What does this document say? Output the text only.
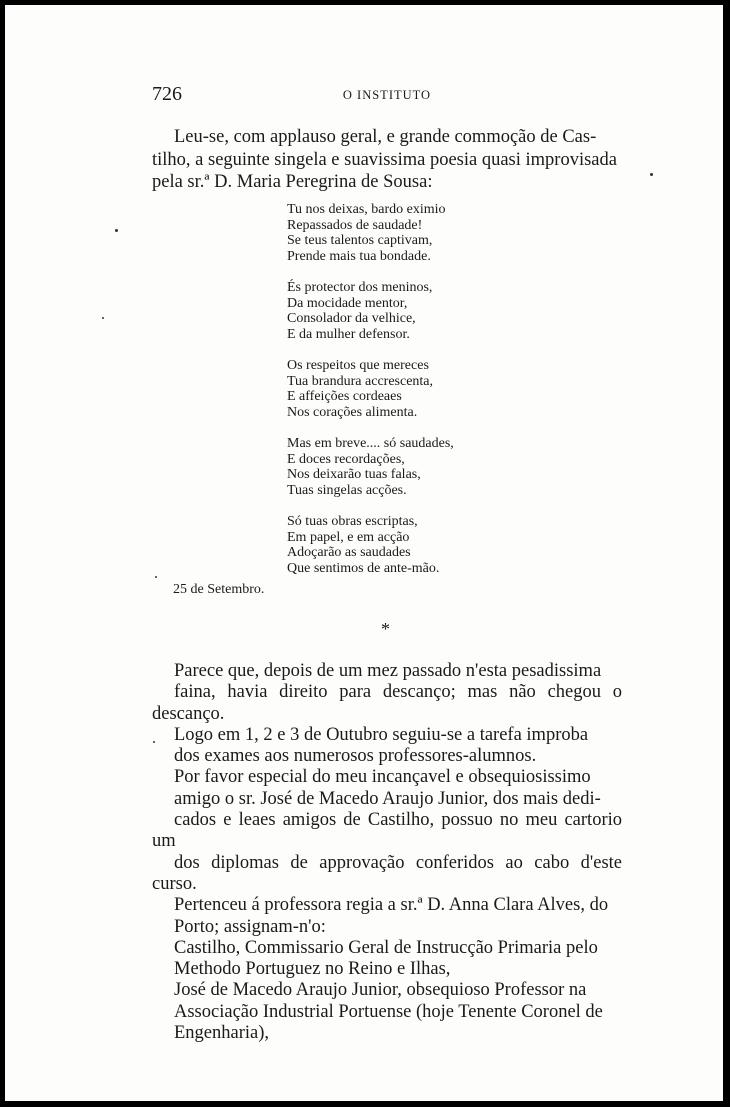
726	O INSTITUTO
Leu-se, com applauso geral, e grande commoção de Cas-
tilho, a seguinte singela e suavissima poesia quasi improvisada
pela sr.ª D. Maria Peregrina de Sousa:
Tu nos deixas, bardo eximio
Repassados de saudade!
Se teus talentos captivam,
Prende mais tua bondade.
És protector dos meninos,
Da mocidade mentor,
Consolador da velhice,
E da mulher defensor.
Os respeitos que mereces
Tua brandura accrescenta,
E affeições cordeaes
Nos corações alimenta.
Mas em breve.... só saudades,
E doces recordações,
Nos deixarão tuas falas,
Tuas singelas acções.
Só tuas obras escriptas,
Em papel, e em acção
Adoçarão as saudades
Que sentimos de ante-mão.
25 de Setembro.
*

Parece que, depois de um mez passado n'esta pesadissima
faina, havia direito para descanço; mas não chegou o descanço.

Logo em 1, 2 e 3 de Outubro seguiu-se a tarefa improba
dos exames aos numerosos professores-alumnos.

Por favor especial do meu incançavel e obsequiosissimo
amigo o sr. José de Macedo Araujo Junior, dos mais dedi-
cados e leaes amigos de Castilho, possuo no meu cartorio um
dos diplomas de approvação conferidos ao cabo d'este curso.
Pertenceu á professora regia a sr.ª D. Anna Clara Alves, do
Porto; assignam-n'o:

Castilho, Commissario Geral de Instrucção Primaria pelo
Methodo Portuguez no Reino e Ilhas,

José de Macedo Araujo Junior, obsequioso Professor na
Associação Industrial Portuense (hoje Tenente Coronel de
Engenharia),
